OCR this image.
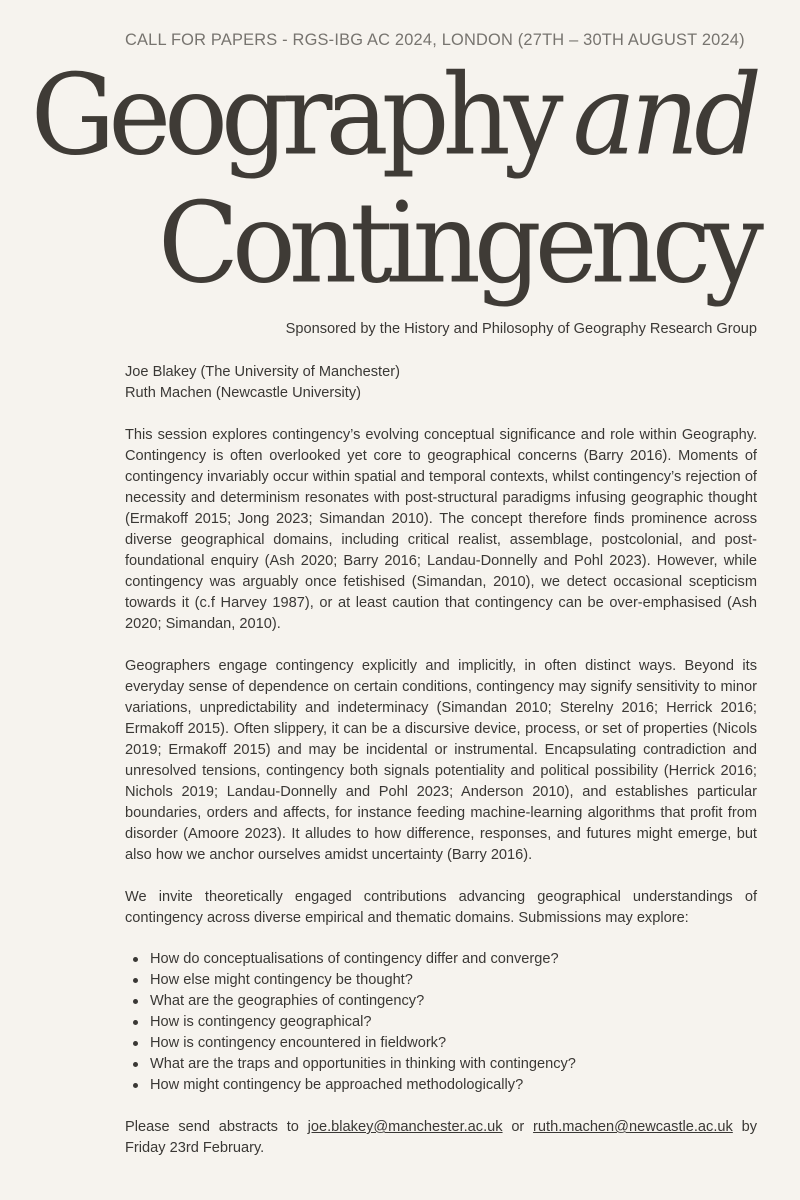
CALL FOR PAPERS - RGS-IBG AC 2024, LONDON (27TH – 30TH AUGUST 2024)
Geography and
Contingency
Sponsored by the History and Philosophy of Geography Research Group
Joe Blakey (The University of Manchester)
Ruth Machen (Newcastle University)

This session explores contingency’s evolving conceptual significance and role within Geography. Contingency is often overlooked yet core to geographical concerns (Barry 2016). Moments of contingency invariably occur within spatial and temporal contexts, whilst contingency’s rejection of necessity and determinism resonates with post-structural paradigms infusing geographic thought (Ermakoff 2015; Jong 2023; Simandan 2010). The concept therefore finds prominence across diverse geographical domains, including critical realist, assemblage, postcolonial, and post-foundational enquiry (Ash 2020; Barry 2016; Landau-Donnelly and Pohl 2023). However, while contingency was arguably once fetishised (Simandan, 2010), we detect occasional scepticism towards it (c.f Harvey 1987), or at least caution that contingency can be over-emphasised (Ash 2020; Simandan, 2010).

Geographers engage contingency explicitly and implicitly, in often distinct ways. Beyond its everyday sense of dependence on certain conditions, contingency may signify sensitivity to minor variations, unpredictability and indeterminacy (Simandan 2010; Sterelny 2016; Herrick 2016; Ermakoff 2015). Often slippery, it can be a discursive device, process, or set of properties (Nicols 2019; Ermakoff 2015) and may be incidental or instrumental. Encapsulating contradiction and unresolved tensions, contingency both signals potentiality and political possibility (Herrick 2016; Nichols 2019; Landau-Donnelly and Pohl 2023; Anderson 2010), and establishes particular boundaries, orders and affects, for instance feeding machine-learning algorithms that profit from disorder (Amoore 2023). It alludes to how difference, responses, and futures might emerge, but also how we anchor ourselves amidst uncertainty (Barry 2016).

We invite theoretically engaged contributions advancing geographical understandings of contingency across diverse empirical and thematic domains. Submissions may explore:

How do conceptualisations of contingency differ and converge?
How else might contingency be thought?
What are the geographies of contingency?
How is contingency geographical?
How is contingency encountered in fieldwork?
What are the traps and opportunities in thinking with contingency?
How might contingency be approached methodologically?

Please send abstracts to joe.blakey@manchester.ac.uk or ruth.machen@newcastle.ac.uk by Friday 23rd February.
